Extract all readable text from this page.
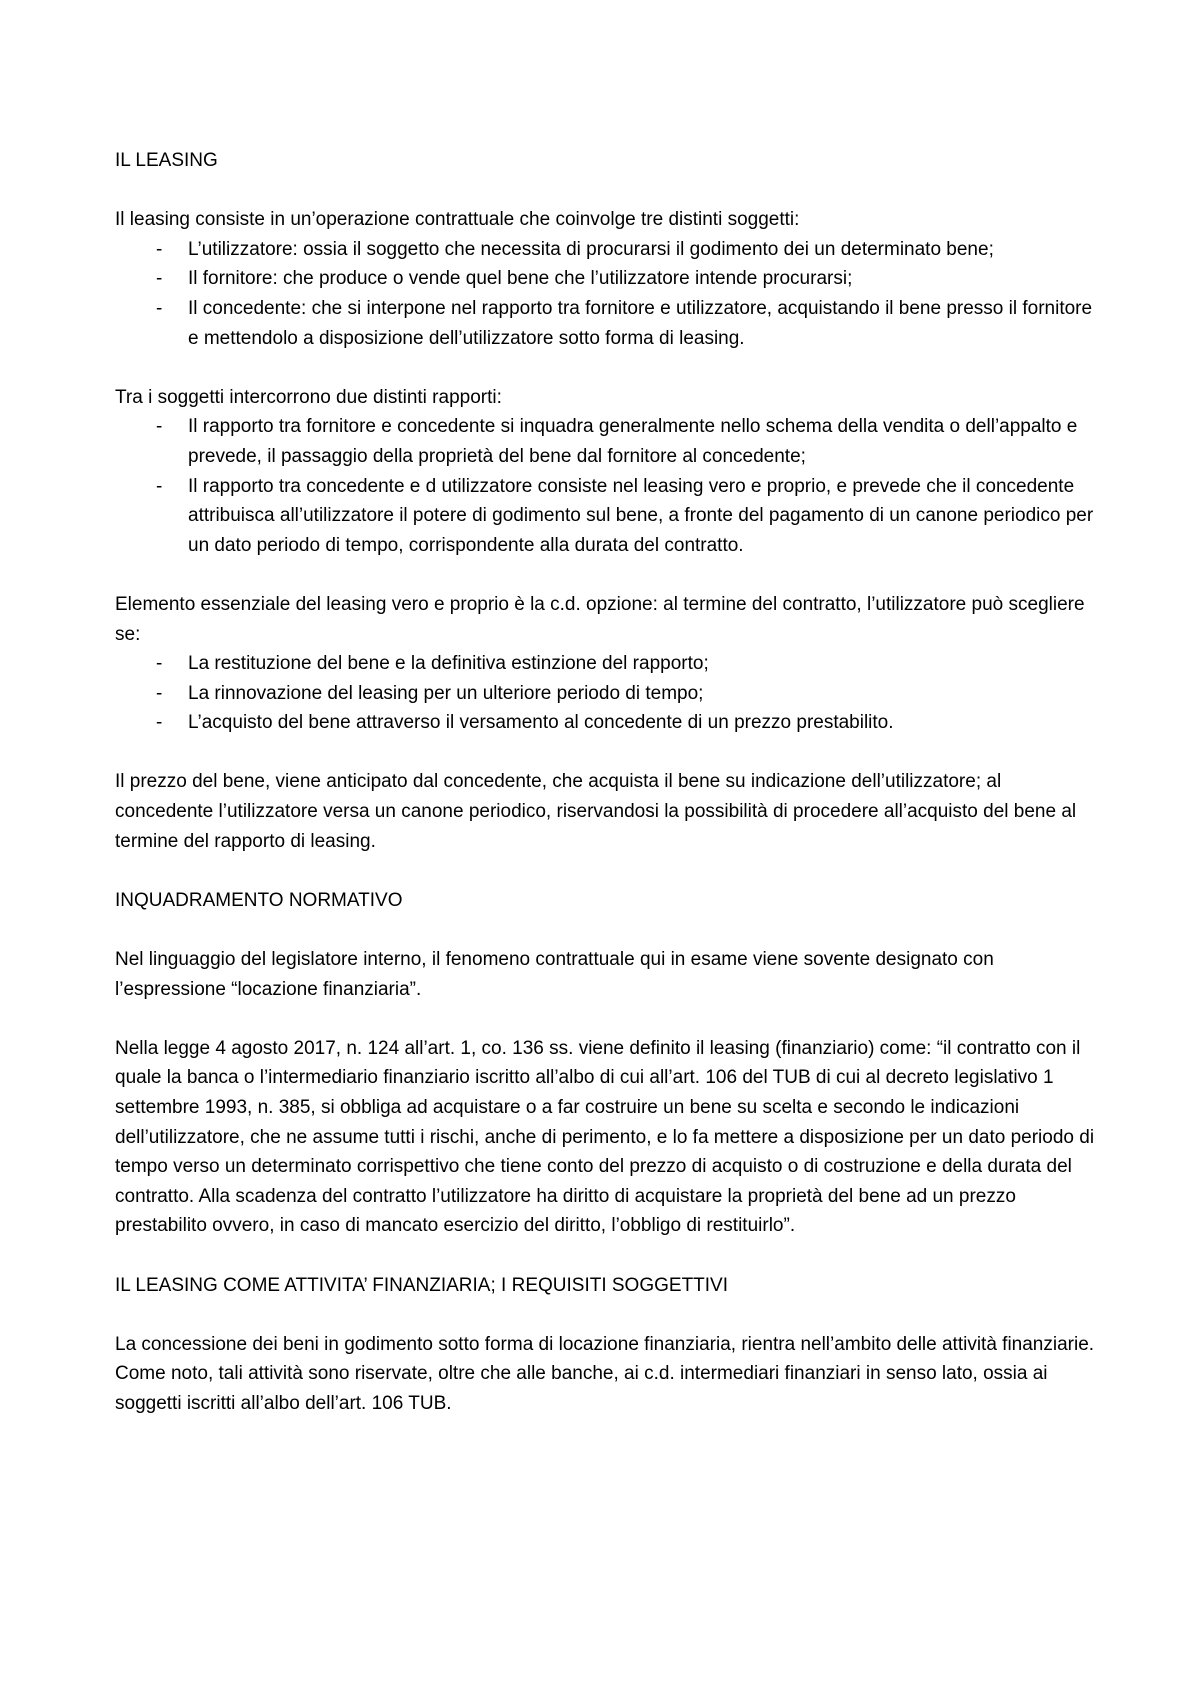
IL LEASING

Il leasing consiste in un’operazione contrattuale che coinvolge tre distinti soggetti:

- L’utilizzatore: ossia il soggetto che necessita di procurarsi il godimento dei un determinato bene;
- Il fornitore: che produce o vende quel bene che l’utilizzatore intende procurarsi;
- Il concedente: che si interpone nel rapporto tra fornitore e utilizzatore, acquistando il bene presso il fornitore e mettendolo a disposizione dell’utilizzatore sotto forma di leasing.

Tra i soggetti intercorrono due distinti rapporti:

- Il rapporto tra fornitore e concedente si inquadra generalmente nello schema della vendita o dell’appalto e prevede, il passaggio della proprietà del bene dal fornitore al concedente;
- Il rapporto tra concedente e d utilizzatore consiste nel leasing vero e proprio, e prevede che il concedente attribuisca all’utilizzatore il potere di godimento sul bene, a fronte del pagamento di un canone periodico per un dato periodo di tempo, corrispondente alla durata del contratto.

Elemento essenziale del leasing vero e proprio è la c.d. opzione: al termine del contratto, l’utilizzatore può scegliere se:

- La restituzione del bene e la definitiva estinzione del rapporto;
- La rinnovazione del leasing per un ulteriore periodo di tempo;
- L’acquisto del bene attraverso il versamento al concedente di un prezzo prestabilito.

Il prezzo del bene, viene anticipato dal concedente, che acquista il bene su indicazione dell’utilizzatore; al concedente l’utilizzatore versa un canone periodico, riservandosi la possibilità di procedere all’acquisto del bene al termine del rapporto di leasing.

INQUADRAMENTO NORMATIVO

Nel linguaggio del legislatore interno, il fenomeno contrattuale qui in esame viene sovente designato con l’espressione “locazione finanziaria”.

Nella legge 4 agosto 2017, n. 124 all’art. 1, co. 136 ss. viene definito il leasing (finanziario) come: “il contratto con il quale la banca o l’intermediario finanziario iscritto all’albo di cui all’art. 106 del TUB di cui al decreto legislativo 1 settembre 1993, n. 385, si obbliga ad acquistare o a far costruire un bene su scelta e secondo le indicazioni dell’utilizzatore, che ne assume tutti i rischi, anche di perimento, e lo fa mettere a disposizione per un dato periodo di tempo verso un determinato corrispettivo che tiene conto del prezzo di acquisto o di costruzione e della durata del contratto. Alla scadenza del contratto l’utilizzatore ha diritto di acquistare la proprietà del bene ad un prezzo prestabilito ovvero, in caso di mancato esercizio del diritto, l’obbligo di restituirlo”.

IL LEASING COME ATTIVITA’ FINANZIARIA; I REQUISITI SOGGETTIVI

La concessione dei beni in godimento sotto forma di locazione finanziaria, rientra nell’ambito delle attività finanziarie.

Come noto, tali attività sono riservate, oltre che alle banche, ai c.d. intermediari finanziari in senso lato, ossia ai soggetti iscritti all’albo dell’art. 106 TUB.
